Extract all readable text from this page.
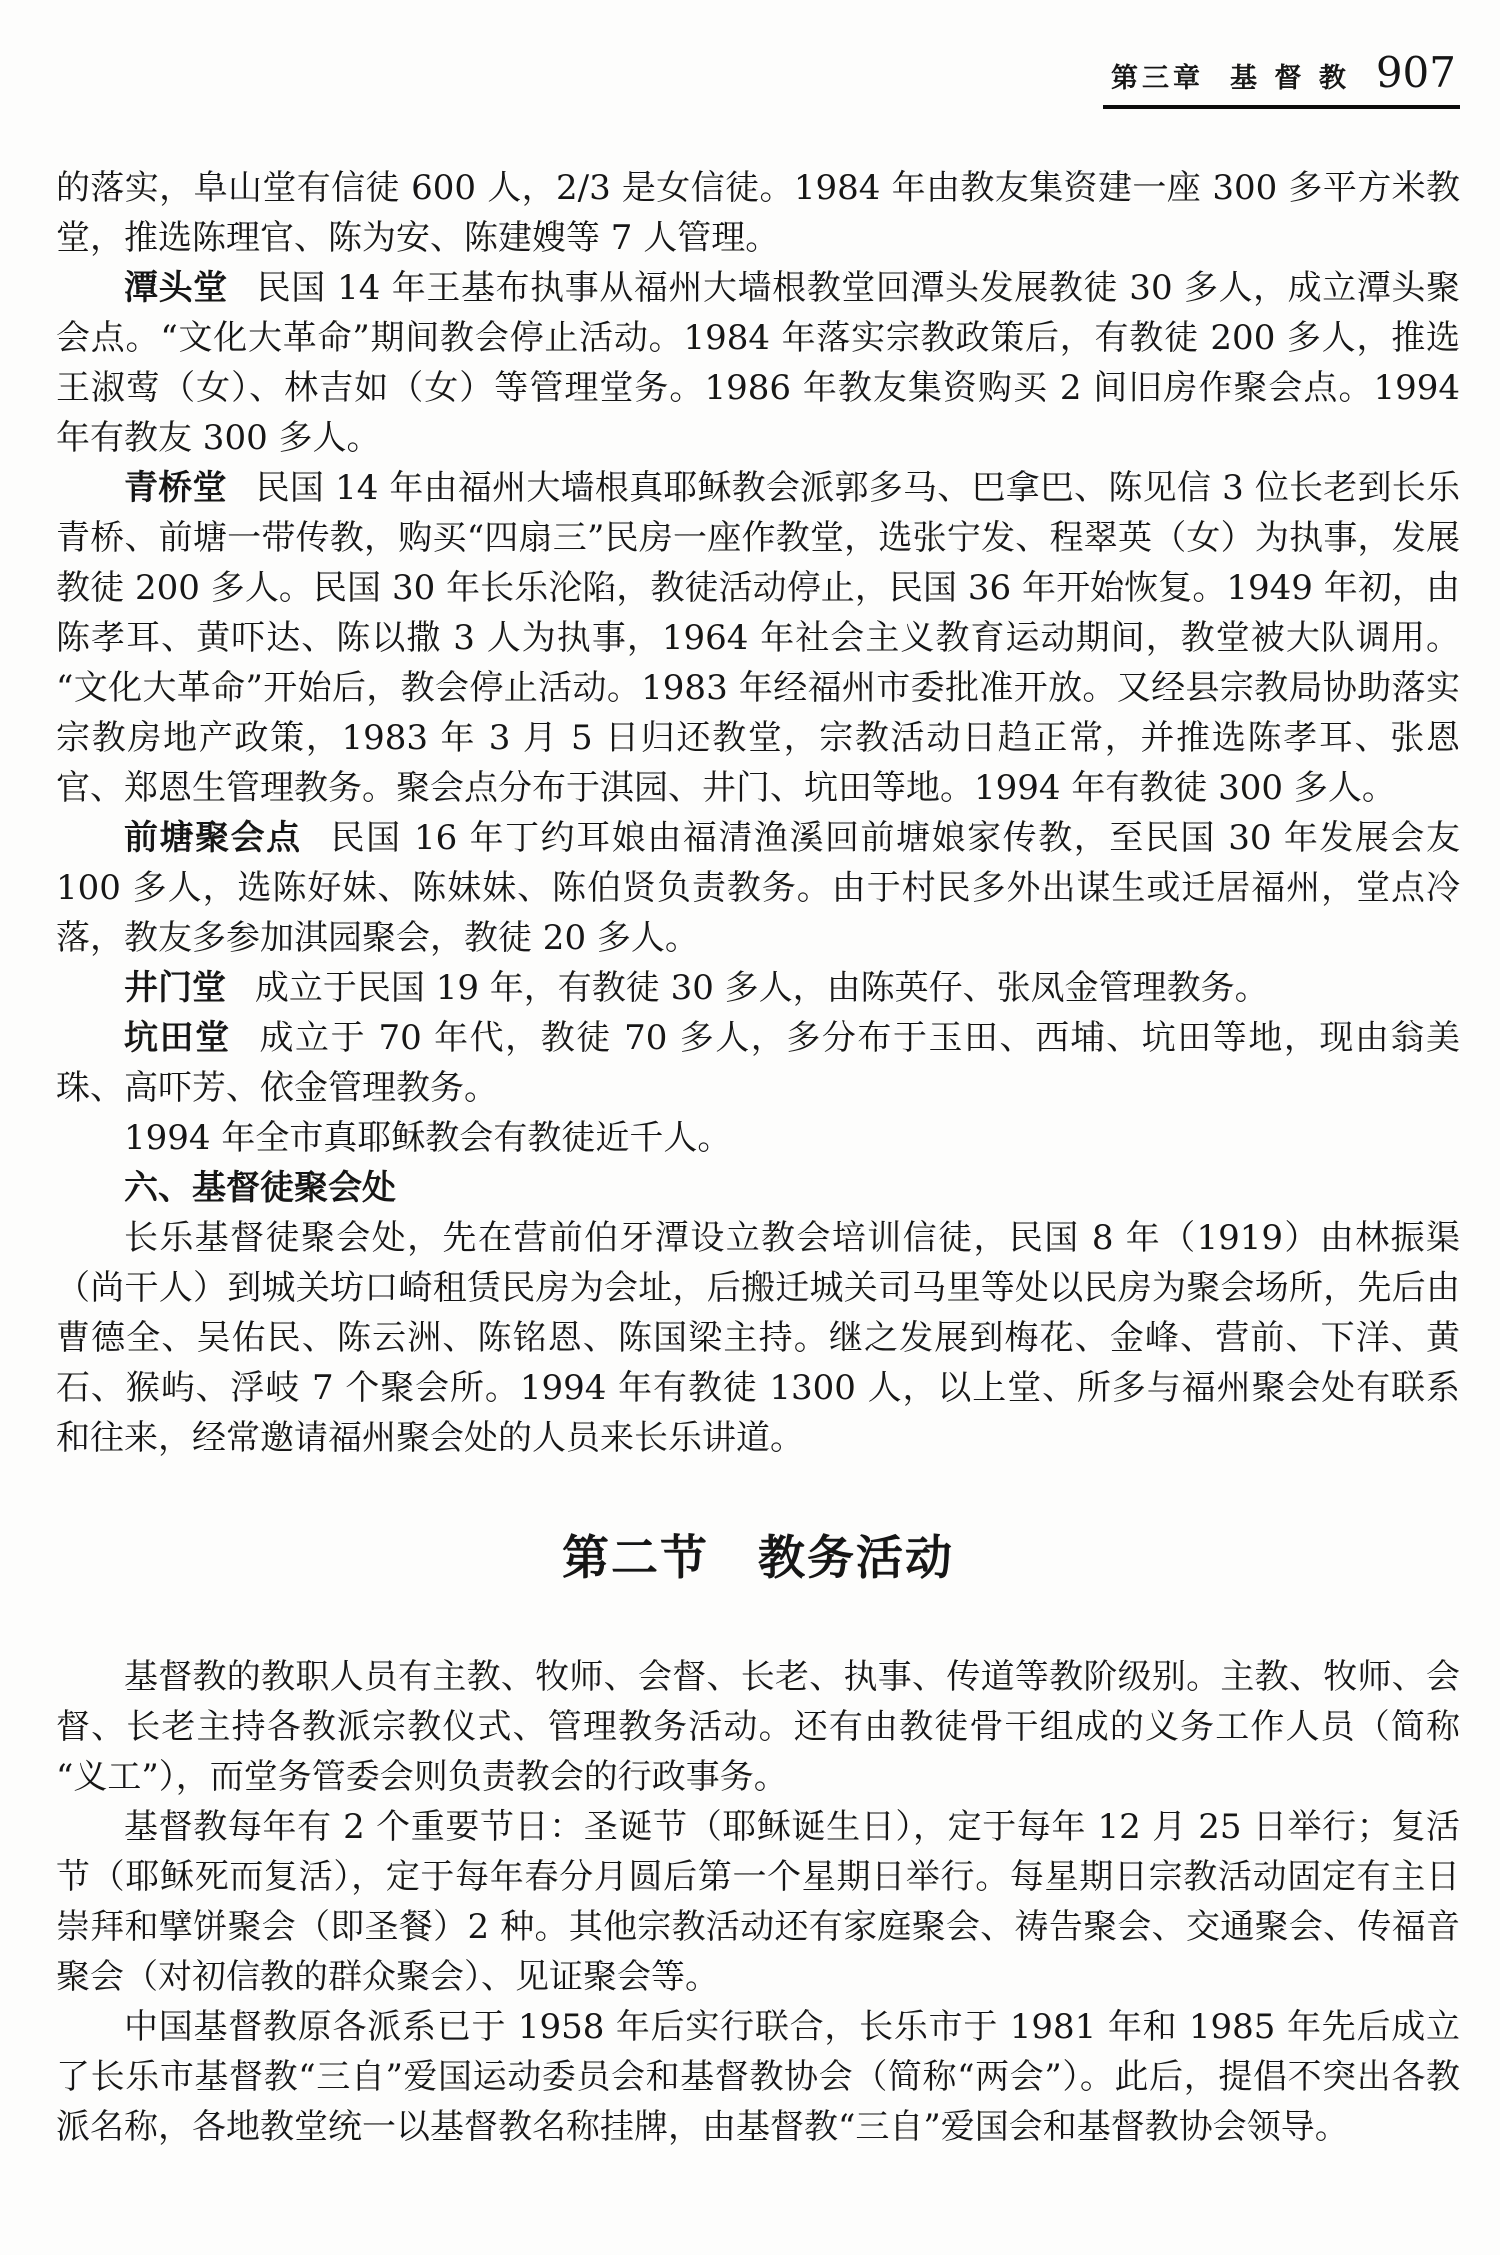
第三章 基 督 教 907

的落实，阜山堂有信徒 600 人，2/3 是女信徒。1984 年由教友集资建一座 300 多平方米教堂，推选陈理官、陈为安、陈建嫂等 7 人管理。

潭头堂 民国 14 年王基布执事从福州大墙根教堂回潭头发展教徒 30 多人，成立潭头聚会点。“文化大革命”期间教会停止活动。1984 年落实宗教政策后，有教徒 200 多人，推选王淑莺（女）、林吉如（女）等管理堂务。1986 年教友集资购买 2 间旧房作聚会点。1994 年有教友 300 多人。

青桥堂 民国 14 年由福州大墙根真耶稣教会派郭多马、巴拿巴、陈见信 3 位长老到长乐青桥、前塘一带传教，购买“四扇三”民房一座作教堂，选张宁发、程翠英（女）为执事，发展教徒 200 多人。民国 30 年长乐沦陷，教徒活动停止，民国 36 年开始恢复。1949 年初，由陈孝耳、黄吓达、陈以撒 3 人为执事，1964 年社会主义教育运动期间，教堂被大队调用。“文化大革命”开始后，教会停止活动。1983 年经福州市委批准开放。又经县宗教局协助落实宗教房地产政策，1983 年 3 月 5 日归还教堂，宗教活动日趋正常，并推选陈孝耳、张恩官、郑恩生管理教务。聚会点分布于淇园、井门、坑田等地。1994 年有教徒 300 多人。

前塘聚会点 民国 16 年丁约耳娘由福清渔溪回前塘娘家传教，至民国 30 年发展会友 100 多人，选陈好妹、陈妹妹、陈伯贤负责教务。由于村民多外出谋生或迁居福州，堂点冷落，教友多参加淇园聚会，教徒 20 多人。

井门堂 成立于民国 19 年，有教徒 30 多人，由陈英仔、张凤金管理教务。

坑田堂 成立于 70 年代，教徒 70 多人，多分布于玉田、西埔、坑田等地，现由翁美珠、高吓芳、依金管理教务。

1994 年全市真耶稣教会有教徒近千人。

六、基督徒聚会处

长乐基督徒聚会处，先在营前伯牙潭设立教会培训信徒，民国 8 年（1919）由林振渠（尚干人）到城关坊口崎租赁民房为会址，后搬迁城关司马里等处以民房为聚会场所，先后由曹德全、吴佑民、陈云洲、陈铭恩、陈国梁主持。继之发展到梅花、金峰、营前、下洋、黄石、猴屿、浮岐 7 个聚会所。1994 年有教徒 1300 人，以上堂、所多与福州聚会处有联系和往来，经常邀请福州聚会处的人员来长乐讲道。

第二节　教务活动

基督教的教职人员有主教、牧师、会督、长老、执事、传道等教阶级别。主教、牧师、会督、长老主持各教派宗教仪式、管理教务活动。还有由教徒骨干组成的义务工作人员（简称“义工”），而堂务管委会则负责教会的行政事务。

基督教每年有 2 个重要节日：圣诞节（耶稣诞生日），定于每年 12 月 25 日举行；复活节（耶稣死而复活），定于每年春分月圆后第一个星期日举行。每星期日宗教活动固定有主日崇拜和擘饼聚会（即圣餐）2 种。其他宗教活动还有家庭聚会、祷告聚会、交通聚会、传福音聚会（对初信教的群众聚会）、见证聚会等。

中国基督教原各派系已于 1958 年后实行联合，长乐市于 1981 年和 1985 年先后成立了长乐市基督教“三自”爱国运动委员会和基督教协会（简称“两会”）。此后，提倡不突出各教派名称，各地教堂统一以基督教名称挂牌，由基督教“三自”爱国会和基督教协会领导。
